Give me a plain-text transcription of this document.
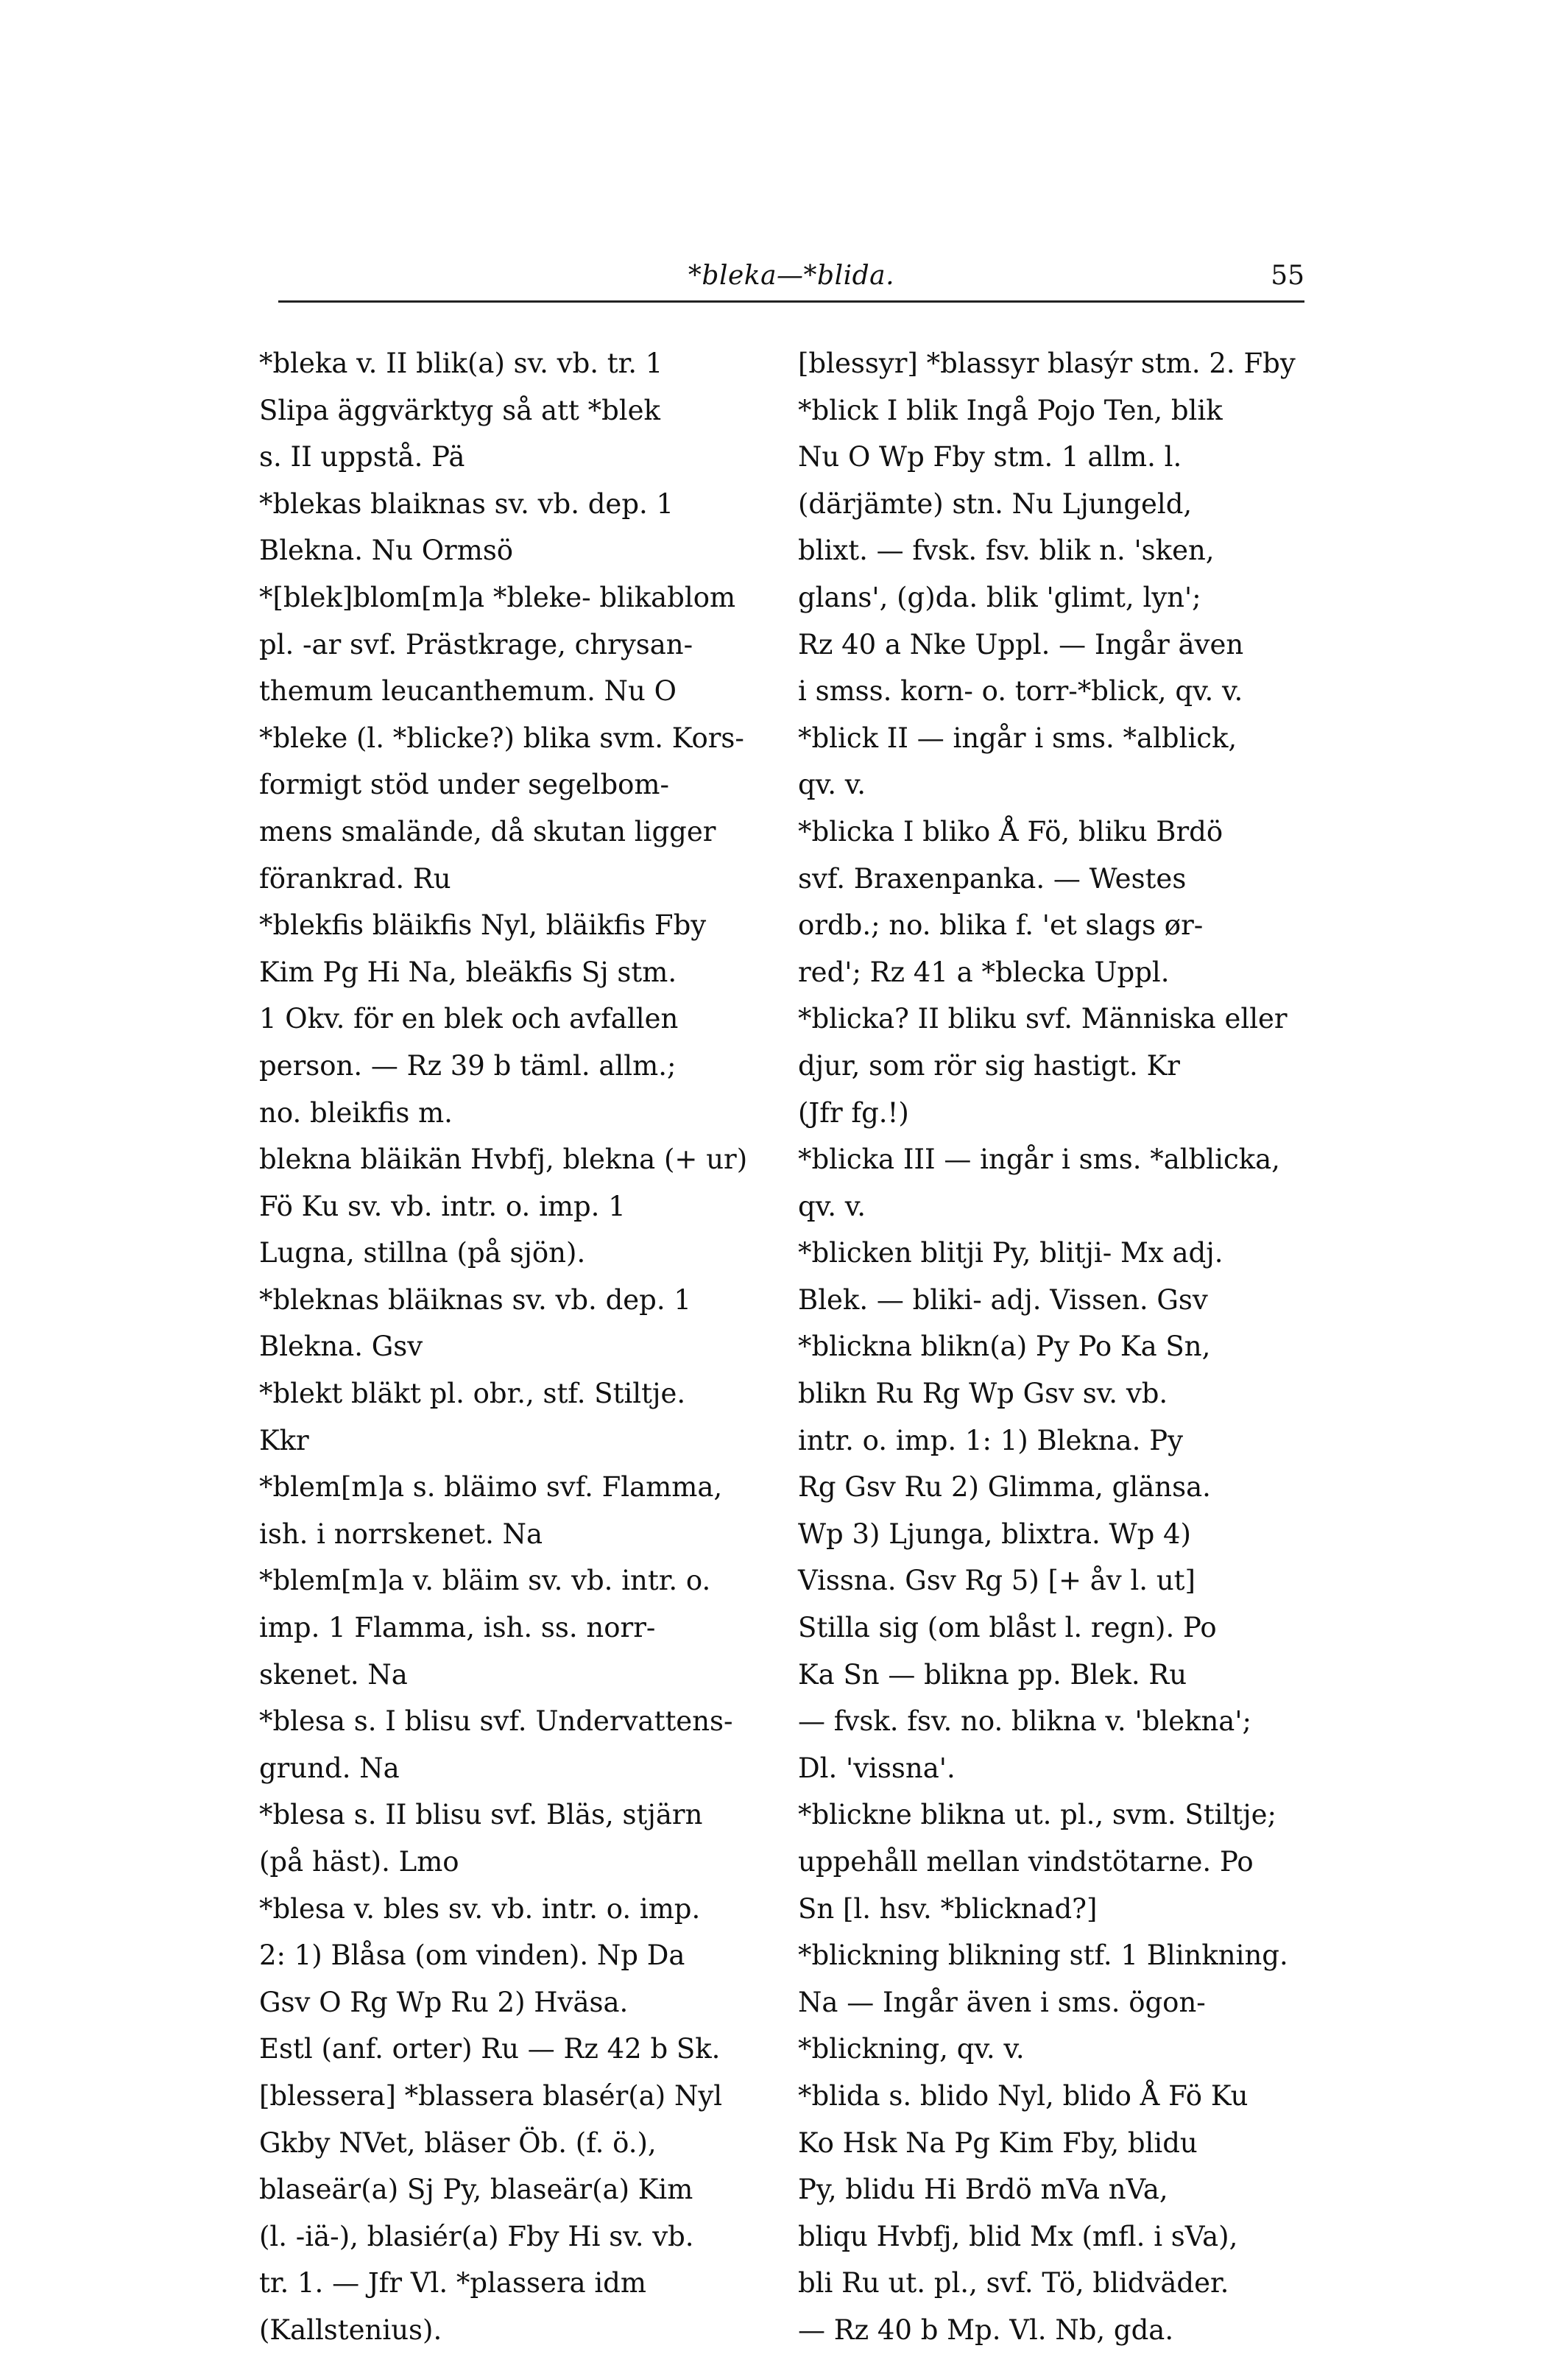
*bleka—*blida.	55
*bleka v. II blik(a) sv. vb. tr. 1
Slipa äggvärktyg så att *blek
s. II uppstå. Pä
*blekas blaiknas sv. vb. dep. 1
Blekna. Nu Ormsö
*[blek]blom[m]a *bleke- blikablom
pl. -ar svf. Prästkrage, chrysan-
themum leucanthemum. Nu O
*bleke (l. *blicke?) blika svm. Kors-
formigt stöd under segelbom-
mens smalände, då skutan ligger
förankrad. Ru
*blekfis bläikfis Nyl, bläikfis Fby
Kim Pg Hi Na, bleäkfis Sj stm.
1 Okv. för en blek och avfallen
person. — Rz 39 b täml. allm.;
no. bleikfis m.
blekna bläikän Hvbfj, blekna (+ ur)
Fö Ku sv. vb. intr. o. imp. 1
Lugna, stillna (på sjön).
*bleknas bläiknas sv. vb. dep. 1
Blekna. Gsv
*blekt bläkt pl. obr., stf. Stiltje.
Kkr
*blem[m]a s. bläimo svf. Flamma,
ish. i norrskenet. Na
*blem[m]a v. bläim sv. vb. intr. o.
imp. 1 Flamma, ish. ss. norr-
skenet. Na
*blesa s. I blisu svf. Undervattens-
grund. Na
*blesa s. II blisu svf. Bläs, stjärn
(på häst). Lmo
*blesa v. bles sv. vb. intr. o. imp.
2: 1) Blåsa (om vinden). Np Da
Gsv O Rg Wp Ru 2) Hväsa.
Estl (anf. orter) Ru — Rz 42 b Sk.
[blessera] *blassera blasér(a) Nyl
Gkby NVet, bläser Öb. (f. ö.),
blaseär(a) Sj Py, blaseär(a) Kim
(l. -iä-), blasiér(a) Fby Hi sv. vb.
tr. 1. — Jfr Vl. *plassera idm
(Kallstenius).
[blessyr] *blassyr blasýr stm. 2. Fby
*blick I blik Ingå Pojo Ten, blik
Nu O Wp Fby stm. 1 allm. l.
(därjämte) stn. Nu Ljungeld,
blixt. — fvsk. fsv. blik n. 'sken,
glans', (g)da. blik 'glimt, lyn';
Rz 40 a Nke Uppl. — Ingår även
i smss. korn- o. torr-*blick, qv. v.
*blick II — ingår i sms. *alblick,
qv. v.
*blicka I bliko Å Fö, bliku Brdö
svf. Braxenpanka. — Westes
ordb.; no. blika f. 'et slags ør-
red'; Rz 41 a *blecka Uppl.
*blicka? II bliku svf. Människa eller
djur, som rör sig hastigt. Kr
(Jfr fg.!)
*blicka III — ingår i sms. *alblicka,
qv. v.
*blicken blitji Py, blitji- Mx adj.
Blek. — bliki- adj. Vissen. Gsv
*blickna blikn(a) Py Po Ka Sn,
blikn Ru Rg Wp Gsv sv. vb.
intr. o. imp. 1: 1) Blekna. Py
Rg Gsv Ru 2) Glimma, glänsa.
Wp 3) Ljunga, blixtra. Wp 4)
Vissna. Gsv Rg 5) [+ åv l. ut]
Stilla sig (om blåst l. regn). Po
Ka Sn — blikna pp. Blek. Ru
— fvsk. fsv. no. blikna v. 'blekna';
Dl. 'vissna'.
*blickne blikna ut. pl., svm. Stiltje;
uppehåll mellan vindstötarne. Po
Sn [l. hsv. *blicknad?]
*blickning blikning stf. 1 Blinkning.
Na — Ingår även i sms. ögon-
*blickning, qv. v.
*blida s. blido Nyl, blido Å Fö Ku
Ko Hsk Na Pg Kim Fby, blidu
Py, blidu Hi Brdö mVa nVa,
bliqu Hvbfj, blid Mx (mfl. i sVa),
bli Ru ut. pl., svf. Tö, blidväder.
— Rz 40 b Mp. Vl. Nb, gda.
